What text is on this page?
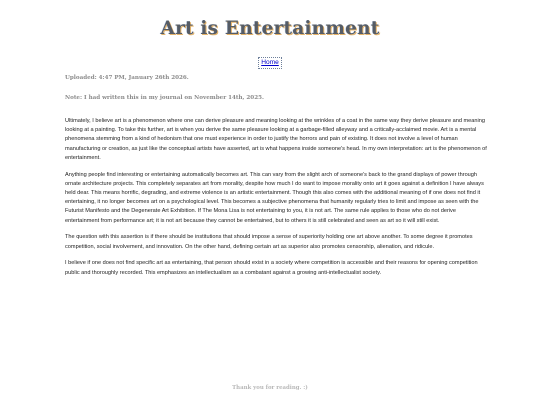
Art is Entertainment
Home
Uploaded: 4:47 PM, January 26th 2026.
Note: I had written this in my journal on November 14th, 2025.

Ultimately, I believe art is a phenomenon where one can derive pleasure and meaning looking at the wrinkles of a coat in the same way they derive pleasure and meaning looking at a painting. To take this further, art is when you derive the same pleasure looking at a garbage-filled alleyway and a critically-acclaimed movie. Art is a mental phenomena stemming from a kind of hedonism that one must experience in order to justify the horrors and pain of existing. It does not involve a level of human manufacturing or creation, as just like the conceptual artists have asserted, art is what happens inside someone's head. In my own interpretation: art is the phenomenon of entertainment.

Anything people find interesting or entertaining automatically becomes art. This can vary from the slight arch of someone's back to the grand displays of power through ornate architecture projects. This completely separates art from morality, despite how much I do want to impose morality onto art it goes against a definition I have always held dear. This means horrific, degrading, and extreme violence is an artistic entertainment. Though this also comes with the additional meaning of if one does not find it entertaining, it no longer becomes art on a psychological level. This becomes a subjective phenomena that humanity regularly tries to limit and impose as seen with the Futurist Manifesto and the Degenerate Art Exhibition. If The Mona Lisa is not entertaining to you, it is not art. The same rule applies to those who do not derive entertainment from performance art; it is not art because they cannot be entertained, but to others it is still celebrated and seen as art so it will still exist.

The question with this assertion is if there should be institutions that should impose a sense of superiority holding one art above another. To some degree it promotes competition, social involvement, and innovation. On the other hand, defining certain art as superior also promotes censorship, alienation, and ridicule.

I believe if one does not find specific art as entertaining, that person should exist in a society where competition is accessible and their reasons for opening competition public and thoroughly recorded. This emphasizes an intellectualism as a combatant against a growing anti-intellectualist society.

Thank you for reading. :)
